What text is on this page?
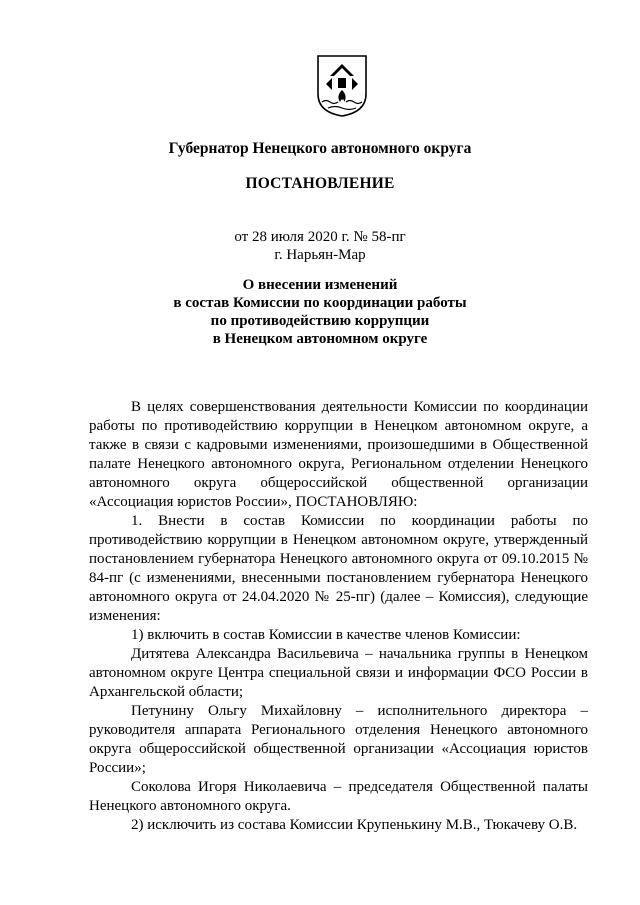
Губернатор Ненецкого автономного округа
ПОСТАНОВЛЕНИЕ
от 28 июля 2020 г. № 58-пг
г. Нарьян-Мар
О внесении изменений
в состав Комиссии по координации работы
по противодействию коррупции
в Ненецком автономном округе

В целях совершенствования деятельности Комиссии по координации работы по противодействию коррупции в Ненецком автономном округе, а также в связи с кадровыми изменениями, произошедшими в Общественной палате Ненецкого автономного округа, Региональном отделении Ненецкого автономного округа общероссийской общественной организации «Ассоциация юристов России», ПОСТАНОВЛЯЮ:

1. Внести в состав Комиссии по координации работы по противодействию коррупции в Ненецком автономном округе, утвержденный постановлением губернатора Ненецкого автономного округа от 09.10.2015 № 84-пг (с изменениями, внесенными постановлением губернатора Ненецкого автономного округа от 24.04.2020 № 25-пг) (далее – Комиссия), следующие изменения:

1) включить в состав Комиссии в качестве членов Комиссии:

Дитятева Александра Васильевича – начальника группы в Ненецком автономном округе Центра специальной связи и информации ФСО России в Архангельской области;

Петунину Ольгу Михайловну – исполнительного директора – руководителя аппарата Регионального отделения Ненецкого автономного округа общероссийской общественной организации «Ассоциация юристов России»;

Соколова Игоря Николаевича – председателя Общественной палаты Ненецкого автономного округа.

2) исключить из состава Комиссии Крупенькину М.В., Тюкачеву О.В.
